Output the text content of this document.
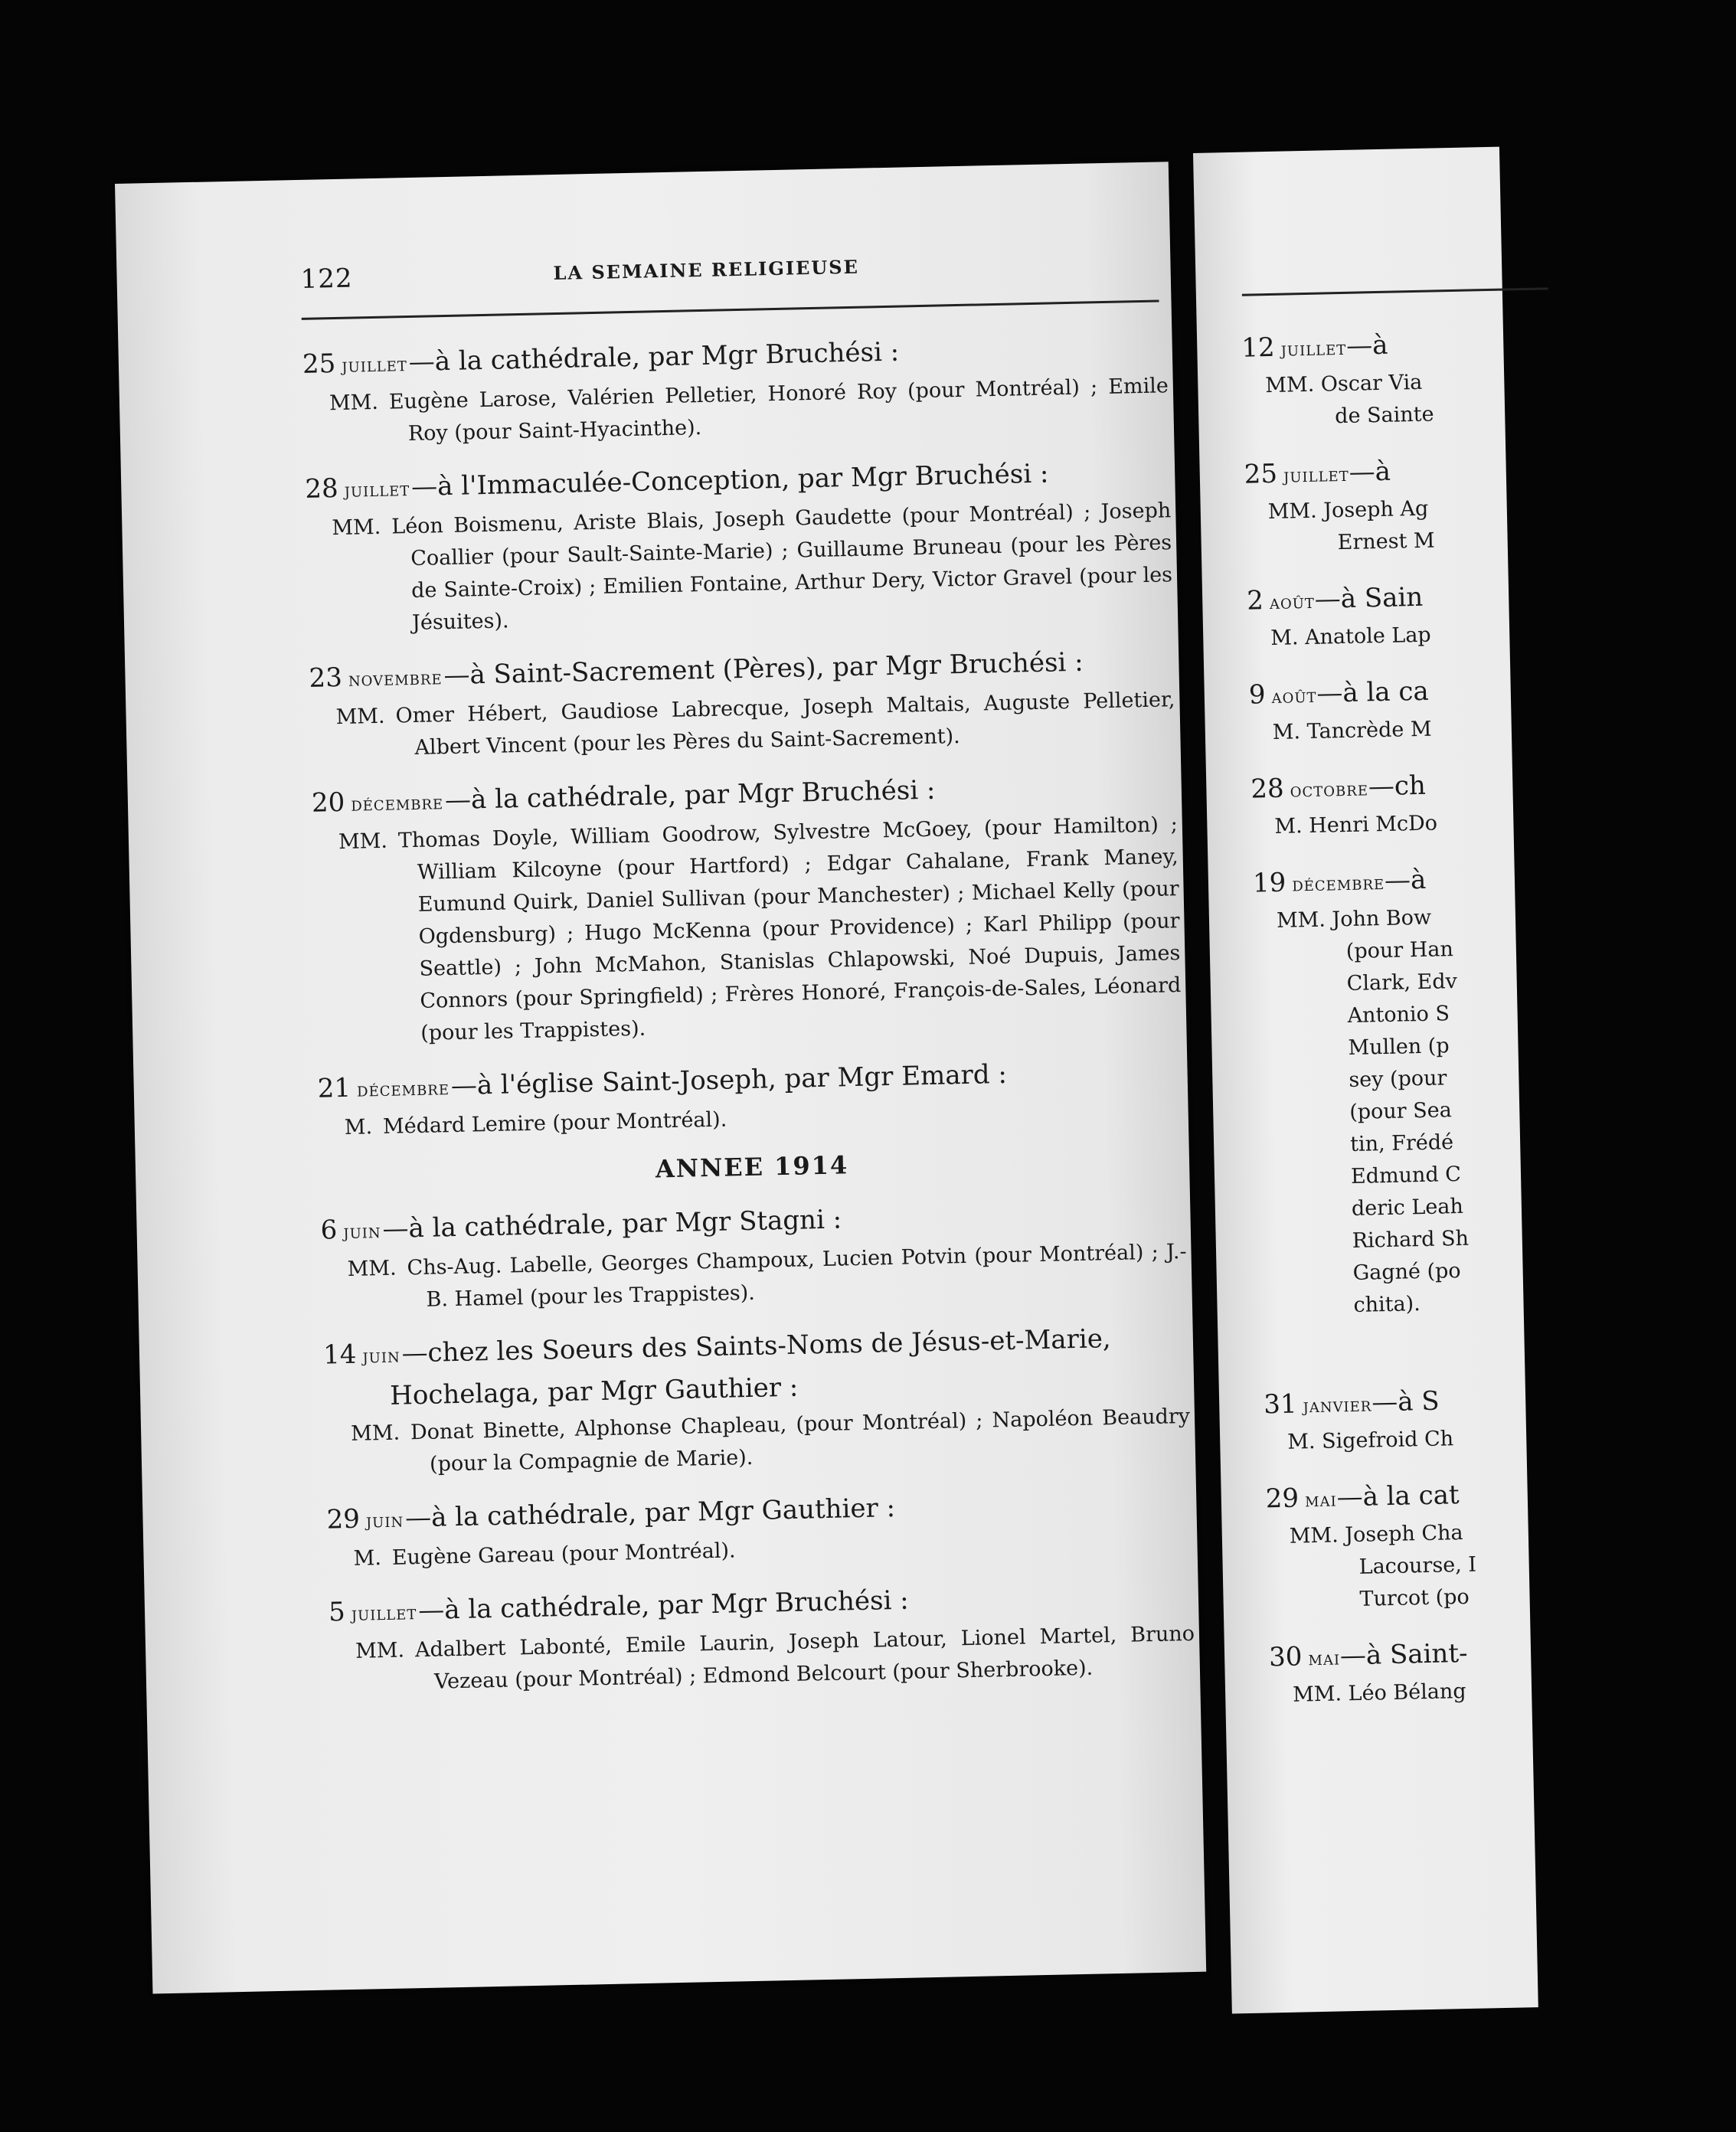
122	LA SEMAINE RELIGIEUSE

25 juillet—à la cathédrale, par Mgr Bruchési :

MM. Eugène Larose, Valérien Pelletier, Honoré Roy (pour Montréal) ; Emile Roy (pour Saint-Hyacinthe).

28 juillet—à l'Immaculée-Conception, par Mgr Bruchési :

MM. Léon Boismenu, Ariste Blais, Joseph Gaudette (pour Montréal) ; Joseph Coallier (pour Sault-Sainte-Marie) ; Guillaume Bruneau (pour les Pères de Sainte-Croix) ; Emilien Fontaine, Arthur Dery, Victor Gravel (pour les Jésuites).

23 novembre—à Saint-Sacrement (Pères), par Mgr Bruchési :

MM. Omer Hébert, Gaudiose Labrecque, Joseph Maltais, Auguste Pelletier, Albert Vincent (pour les Pères du Saint-Sacrement).

20 décembre—à la cathédrale, par Mgr Bruchési :

MM. Thomas Doyle, William Goodrow, Sylvestre McGoey, (pour Hamilton) ; William Kilcoyne (pour Hartford) ; Edgar Cahalane, Frank Maney, Eumund Quirk, Daniel Sullivan (pour Manchester) ; Michael Kelly (pour Ogdensburg) ; Hugo McKenna (pour Providence) ; Karl Philipp (pour Seattle) ; John McMahon, Stanislas Chlapowski, Noé Dupuis, James Connors (pour Springfield) ; Frères Honoré, François-de-Sales, Léonard (pour les Trappistes).

21 décembre—à l'église Saint-Joseph, par Mgr Emard :

M. Médard Lemire (pour Montréal).

ANNEE 1914

6 juin—à la cathédrale, par Mgr Stagni :

MM. Chs-Aug. Labelle, Georges Champoux, Lucien Potvin (pour Montréal) ; J.-B. Hamel (pour les Trappistes).

14 juin—chez les Soeurs des Saints-Noms de Jésus-et-Marie,

Hochelaga, par Mgr Gauthier :

MM. Donat Binette, Alphonse Chapleau, (pour Montréal) ; Napoléon Beaudry (pour la Compagnie de Marie).

29 juin—à la cathédrale, par Mgr Gauthier :

M. Eugène Gareau (pour Montréal).

5 juillet—à la cathédrale, par Mgr Bruchési :

MM. Adalbert Labonté, Emile Laurin, Joseph Latour, Lionel Martel, Bruno Vezeau (pour Montréal) ; Edmond Belcourt (pour Sherbrooke).

12 juillet—à
MM. Oscar Via
de Sainte
25 juillet—à
MM. Joseph Ag
Ernest M
2 août—à Sain
M. Anatole Lap
9 août—à la ca
M. Tancrède M
28 octobre—ch
M. Henri McDo
19 décembre—à
MM. John Bow
(pour Han
Clark, Edv
Antonio S
Mullen (p
sey (pour
(pour Sea
tin, Frédé
Edmund C
deric Leah
Richard Sh
Gagné (po
chita).
31 janvier—à S
M. Sigefroid Ch
29 mai—à la cat
MM. Joseph Cha
Lacourse, I
Turcot (po
30 mai—à Saint-
MM. Léo Bélang
